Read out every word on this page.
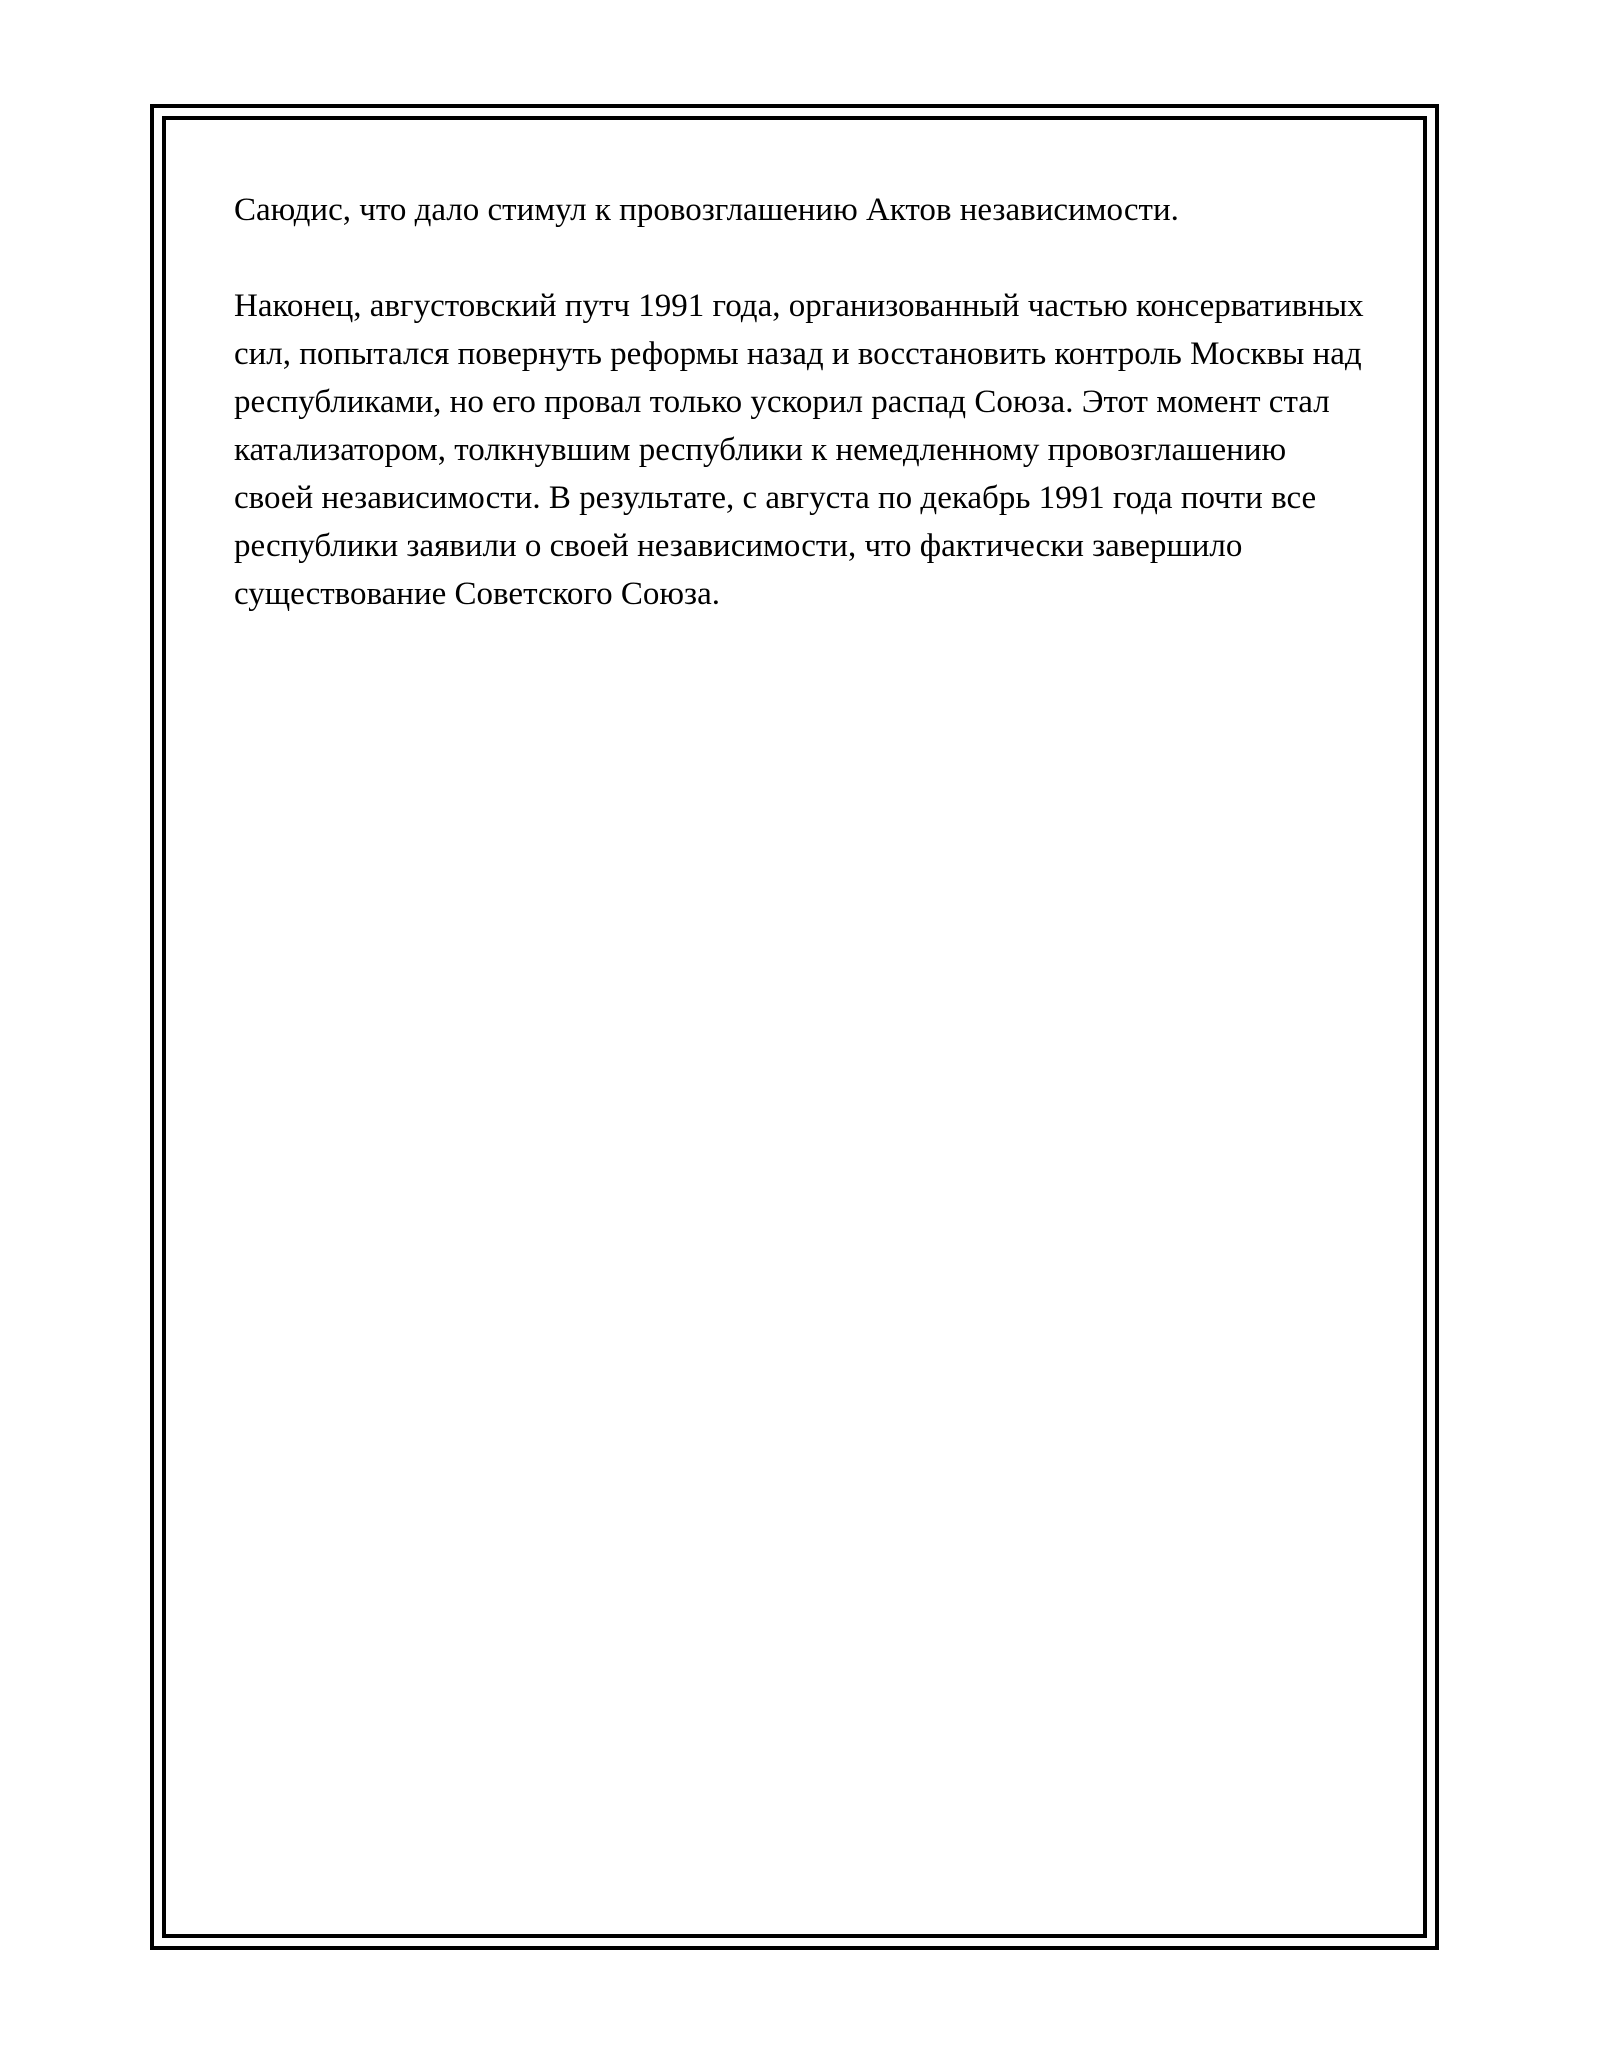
Саюдис, что дало стимул к провозглашению Актов независимости.

Наконец, августовский путч 1991 года, организованный частью консервативных сил, попытался повернуть реформы назад и восстановить контроль Москвы над республиками, но его провал только ускорил распад Союза. Этот момент стал катализатором, толкнувшим республики к немедленному провозглашению своей независимости. В результате, с августа по декабрь 1991 года почти все республики заявили о своей независимости, что фактически завершило существование Советского Союза.
